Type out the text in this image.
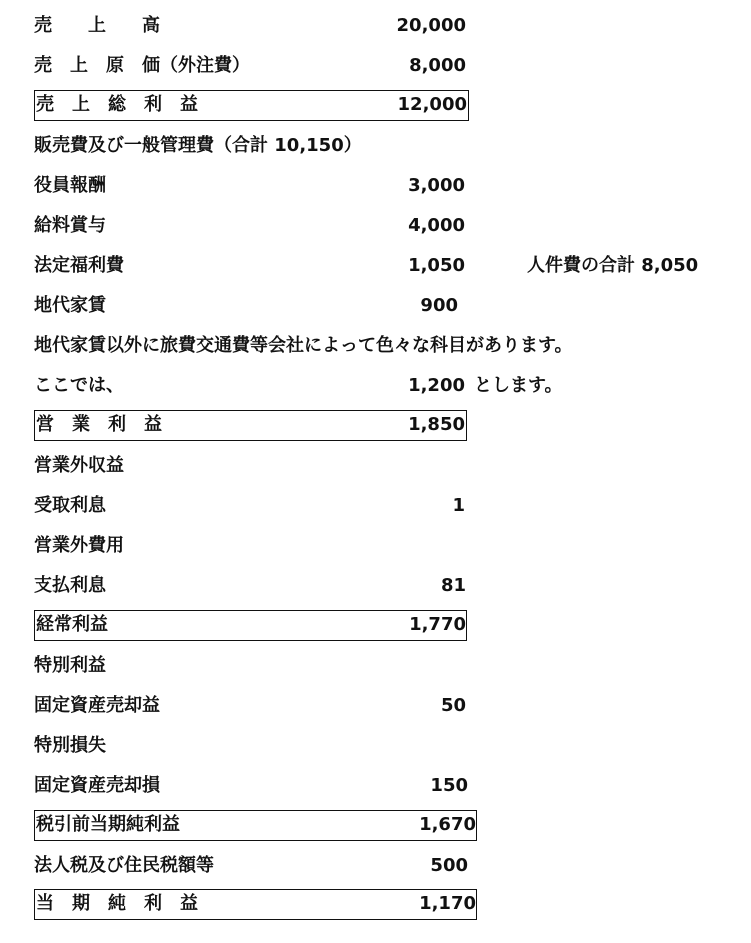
売　　上　　高	20,000
売　上　原　価（外注費）	8,000
売　上　総　利　益	12,000
販売費及び一般管理費（合計 10,150）
役員報酬	3,000
給料賞与	4,000
法定福利費	1,050	人件費の合計 8,050
地代家賃	900
地代家賃以外に旅費交通費等会社によって色々な科目があります。
ここでは、	1,200 とします。
営　業　利　益	1,850
営業外収益
受取利息	1
営業外費用
支払利息	81
経常利益	1,770
特別利益
固定資産売却益	50
特別損失
固定資産売却損	150
税引前当期純利益	1,670
法人税及び住民税額等	500
当　期　純　利　益	1,170
